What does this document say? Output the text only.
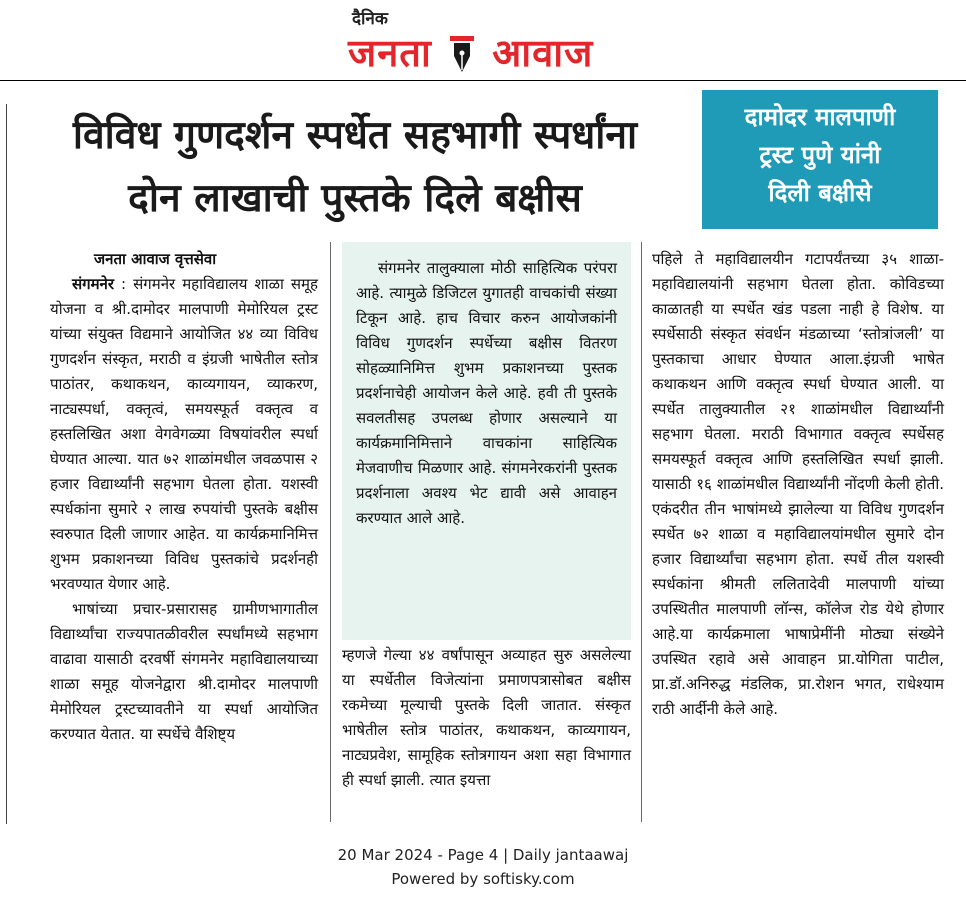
दैनिक
जनता आवाज
विविध गुणदर्शन स्पर्धेत सहभागी स्पर्धांना
दोन लाखाची पुस्तके दिले बक्षीस
दामोदर मालपाणी
ट्रस्ट पुणे यांनी
दिली बक्षीसे

जनता आवाज वृत्तसेवा

संगमनेर : संगमनेर महाविद्यालय शाळा समूह योजना व श्री.दामोदर मालपाणी मेमोरियल ट्रस्ट यांच्या संयुक्त विद्यमाने आयोजित ४४ व्या विविध गुणदर्शन संस्कृत, मराठी व इंग्रजी भाषेतील स्तोत्र पाठांतर, कथाकथन, काव्यगायन, व्याकरण, नाट्यस्पर्धा, वक्तृत्वं, समयस्फूर्त वक्तृत्व व हस्तलिखित अशा वेगवेगळ्या विषयांवरील स्पर्धा घेण्यात आल्या. यात ७२ शाळांमधील जवळपास २ हजार विद्यार्थ्यांनी सहभाग घेतला होता. यशस्वी स्पर्धकांना सुमारे २ लाख रुपयांची पुस्तके बक्षीस स्वरुपात दिली जाणार आहेत. या कार्यक्रमानिमित्त शुभम प्रकाशनच्या विविध पुस्तकांचे प्रदर्शनही भरवण्यात येणार आहे.

भाषांच्या प्रचार-प्रसारासह ग्रामीणभागातील विद्यार्थ्यांचा राज्यपातळीवरील स्पर्धांमध्ये सहभाग वाढावा यासाठी दरवर्षी संगमनेर महाविद्यालयाच्या शाळा समूह योजनेद्वारा श्री.दामोदर मालपाणी मेमोरियल ट्रस्टच्यावतीने या स्पर्धा आयोजित करण्यात येतात. या स्पर्धेचे वैशिष्ट्य

संगमनेर तालुक्याला मोठी साहित्यिक परंपरा आहे. त्यामुळे डिजिटल युगातही वाचकांची संख्या टिकून आहे. हाच विचार करुन आयोजकांनी विविध गुणदर्शन स्पर्धेच्या बक्षीस वितरण सोहळ्यानिमित्त शुभम प्रकाशनच्या पुस्तक प्रदर्शनाचेही आयोजन केले आहे. हवी ती पुस्तके सवलतीसह उपलब्ध होणार असल्याने या कार्यक्रमानिमित्ताने वाचकांना साहित्यिक मेजवाणीच मिळणार आहे. संगमनेरकरांनी पुस्तक प्रदर्शनाला अवश्य भेट द्यावी असे आवाहन करण्यात आले आहे.

म्हणजे गेल्या ४४ वर्षांपासून अव्याहत सुरु असलेल्या या स्पर्धेतील विजेत्यांना प्रमाणपत्रासोबत बक्षीस रकमेच्या मूल्याची पुस्तके दिली जातात. संस्कृत भाषेतील स्तोत्र पाठांतर, कथाकथन, काव्यगायन, नाट्यप्रवेश, सामूहिक स्तोत्रगायन अशा सहा विभागात ही स्पर्धा झाली. त्यात इयत्ता

पहिले ते महाविद्यालयीन गटापर्यंतच्या ३५ शाळा-महाविद्यालयांनी सहभाग घेतला होता. कोविडच्या काळातही या स्पर्धेत खंड पडला नाही हे विशेष. या स्पर्धेसाठी संस्कृत संवर्धन मंडळाच्या ‘स्तोत्रांजली’ या पुस्तकाचा आधार घेण्यात आला.इंग्रजी भाषेत कथाकथन आणि वक्तृत्व स्पर्धा घेण्यात आली. या स्पर्धेत तालुक्यातील २१ शाळांमधील विद्यार्थ्यांनी सहभाग घेतला. मराठी विभागात वक्तृत्व स्पर्धेसह समयस्फूर्त वक्तृत्व आणि हस्तलिखित स्पर्धा झाली. यासाठी १६ शाळांमधील विद्यार्थ्यांनी नोंदणी केली होती. एकंदरीत तीन भाषांमध्ये झालेल्या या विविध गुणदर्शन स्पर्धेत ७२ शाळा व महाविद्यालयांमधील सुमारे दोन हजार विद्यार्थ्यांचा सहभाग होता. स्पर्धे तील यशस्वी स्पर्धकांना श्रीमती ललितादेवी मालपाणी यांच्या उपस्थितीत मालपाणी लॉन्स, कॉलेज रोड येथे होणार आहे.या कार्यक्रमाला भाषाप्रेमींनी मोठ्या संख्येने उपस्थित रहावे असे आवाहन प्रा.योगिता पाटील, प्रा.डॉ.अनिरुद्ध मंडलिक, प्रा.रोशन भगत, राधेश्याम राठी आर्दीनी केले आहे.

20 Mar 2024 - Page 4 | Daily jantaawaj
Powered by softisky.com
